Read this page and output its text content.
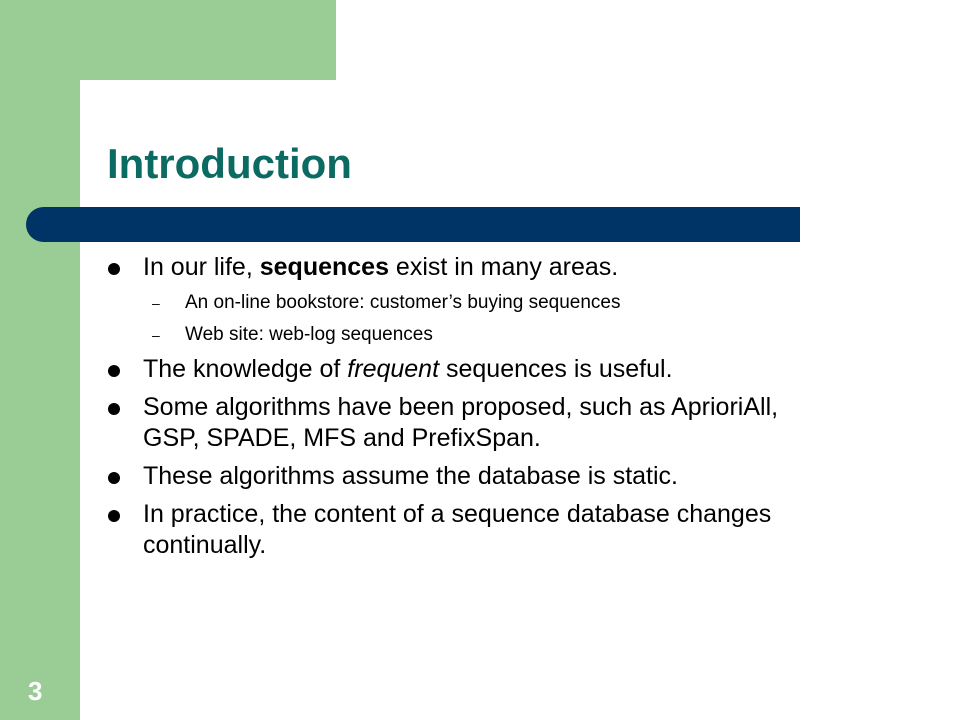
Introduction
In our life, sequences exist in many areas.
– An on-line bookstore: customer’s buying sequences
– Web site: web-log sequences
The knowledge of frequent sequences is useful.
Some algorithms have been proposed, such as AprioriAll, GSP, SPADE, MFS and PrefixSpan.
These algorithms assume the database is static.
In practice, the content of a sequence database changes continually.
3
